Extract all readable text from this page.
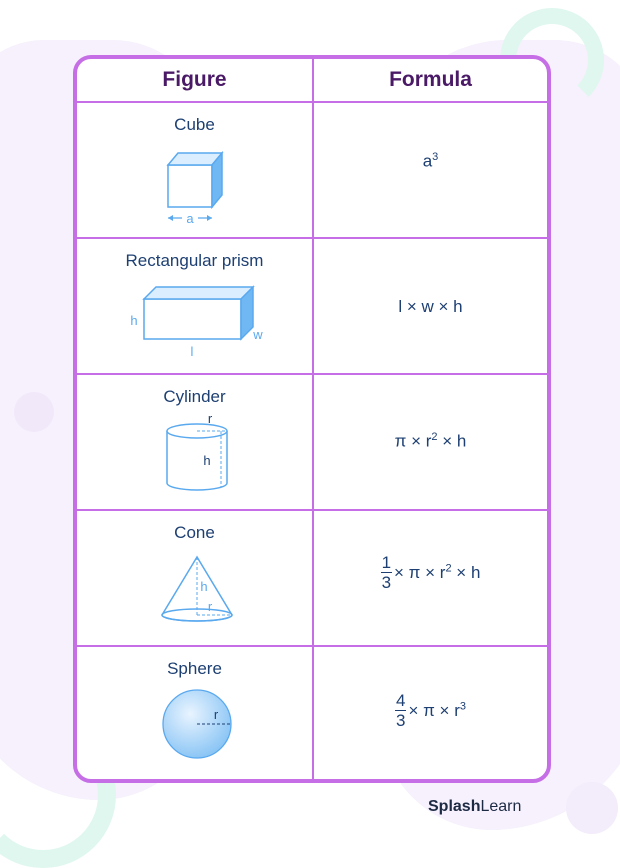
Figure	Formula
Cube
a
$a^3$
Rectangular prism
h
l
w
l × w × h
Cylinder
r
h
$\pi \times r^2 \times h$
Cone
h
r
$\frac{1}{3} \times \pi \times r^2 \times h$
Sphere
r	$\frac{4}{3} \times \pi \times r^3$
SplashLearn
